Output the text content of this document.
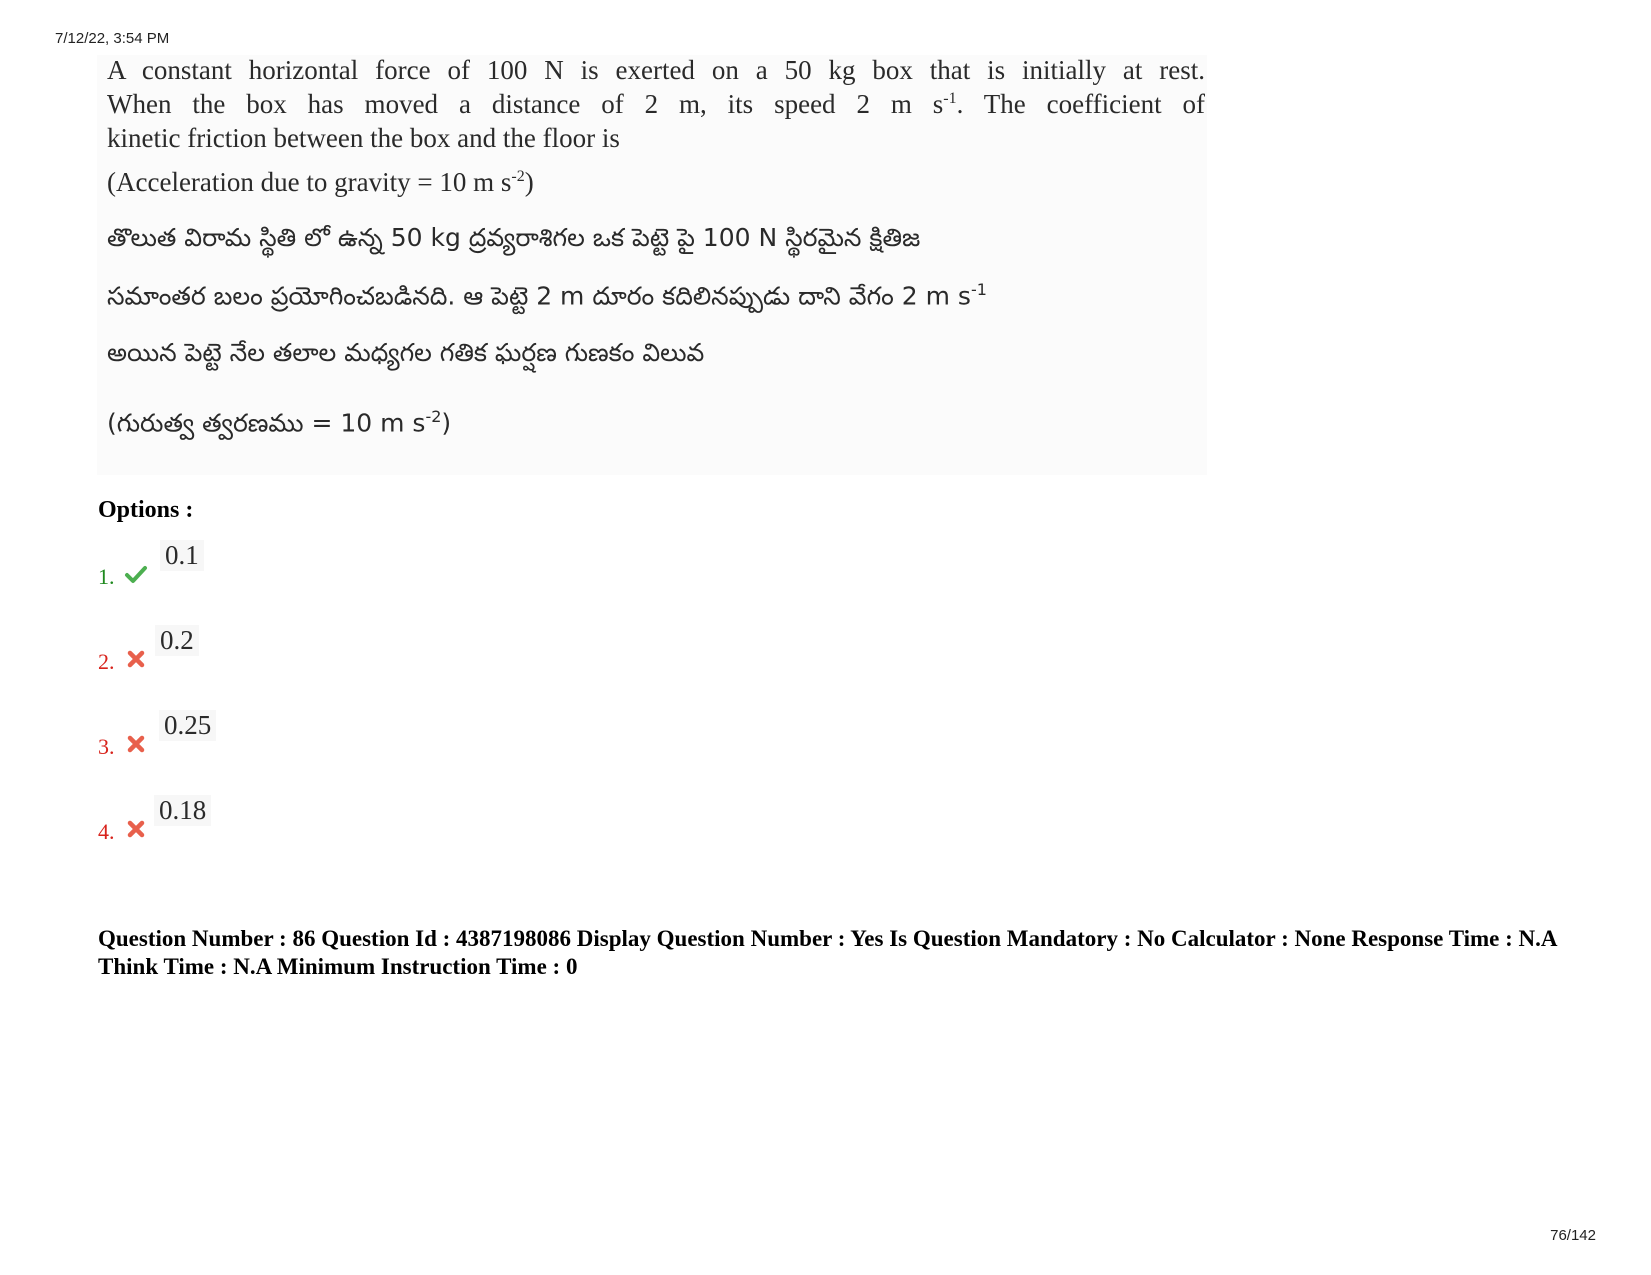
7/12/22, 3:54 PM
A constant horizontal force of 100 N is exerted on a 50 kg box that is initially at rest.
When the box has moved a distance of 2 m, its speed 2 m $s^{-1}$. The coefficient of
kinetic friction between the box and the floor is
(Acceleration due to gravity = 10 m $s^{-2}$)
తొలుత విరామ స్థితి లో ఉన్న 50 kg ద్రవ్యరాశిగల ఒక పెట్టె పై 100 N స్థిరమైన క్షితిజ
సమాంతర బలం ప్రయోగించబడినది. ఆ పెట్టె 2 m దూరం కదిలినప్పుడు దాని వేగం 2 m $s^{-1}$
అయిన పెట్టె నేల తలాల మధ్యగల గతిక ఘర్షణ గుణకం విలువ
(గురుత్వ త్వరణము = 10 m $s^{-2}$)
Options :
1.
0.1
2.
0.2
3.
0.25
4.
0.18
Question Number : 86 Question Id : 4387198086 Display Question Number : Yes Is Question Mandatory : No Calculator : None Response Time : N.A Think Time : N.A Minimum Instruction Time : 0
76/142
